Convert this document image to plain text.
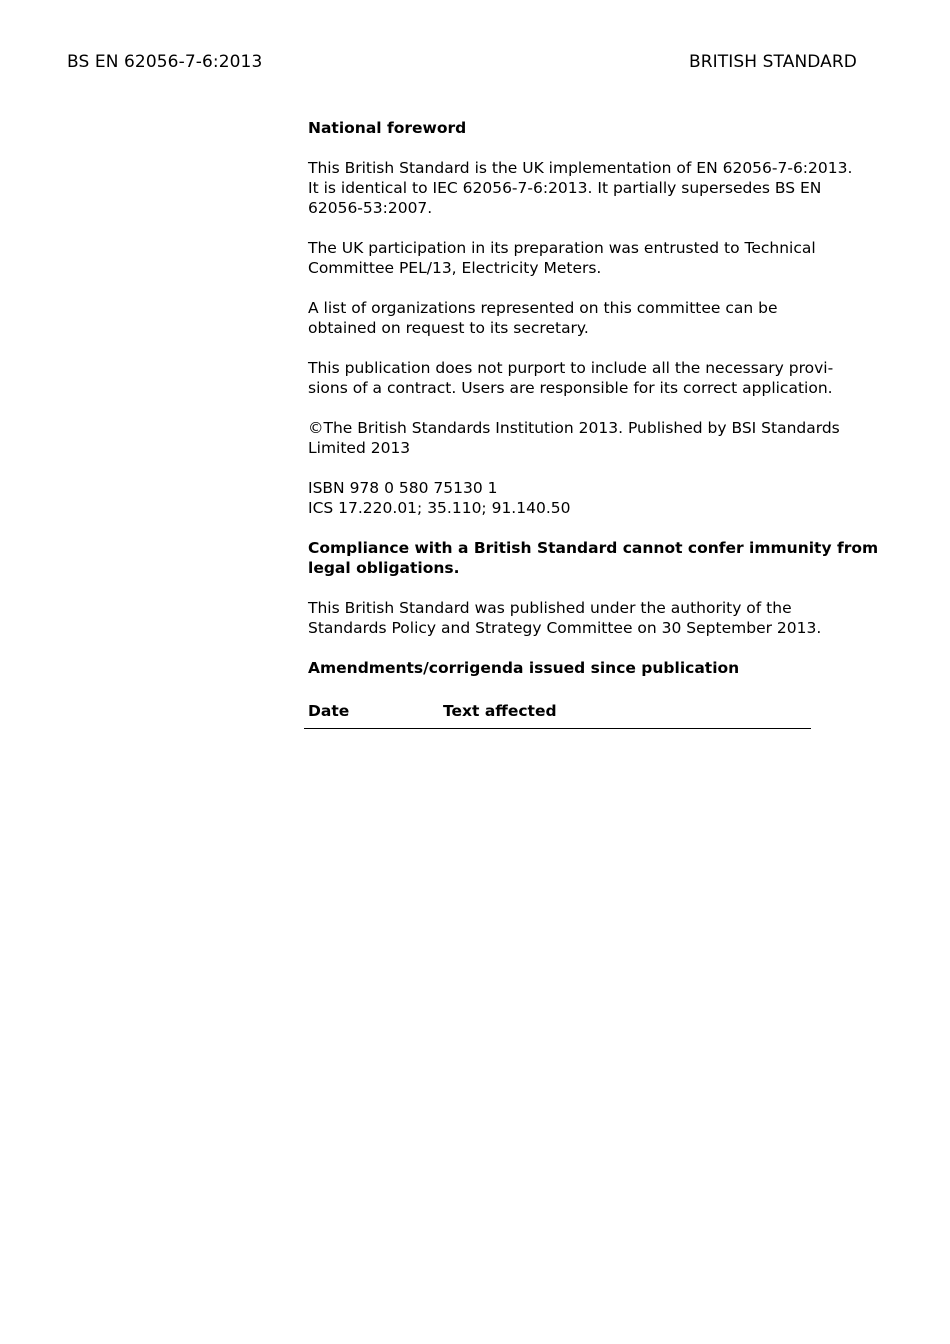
BS EN 62056-7-6:2013	BRITISH STANDARD

National foreword

This British Standard is the UK implementation of EN 62056-7-6:2013.
It is identical to IEC 62056-7-6:2013. It partially supersedes BS EN
62056-53:2007.

The UK participation in its preparation was entrusted to Technical
Committee PEL/13, Electricity Meters.

A list of organizations represented on this committee can be
obtained on request to its secretary.

This publication does not purport to include all the necessary provi-
sions of a contract. Users are responsible for its correct application.

©The British Standards Institution 2013. Published by BSI Standards
Limited 2013

ISBN 978 0 580 75130 1
ICS 17.220.01; 35.110; 91.140.50

Compliance with a British Standard cannot confer immunity from
legal obligations.

This British Standard was published under the authority of the
Standards Policy and Strategy Committee on 30 September 2013.

Amendments/corrigenda issued since publication

Date	Text affected
